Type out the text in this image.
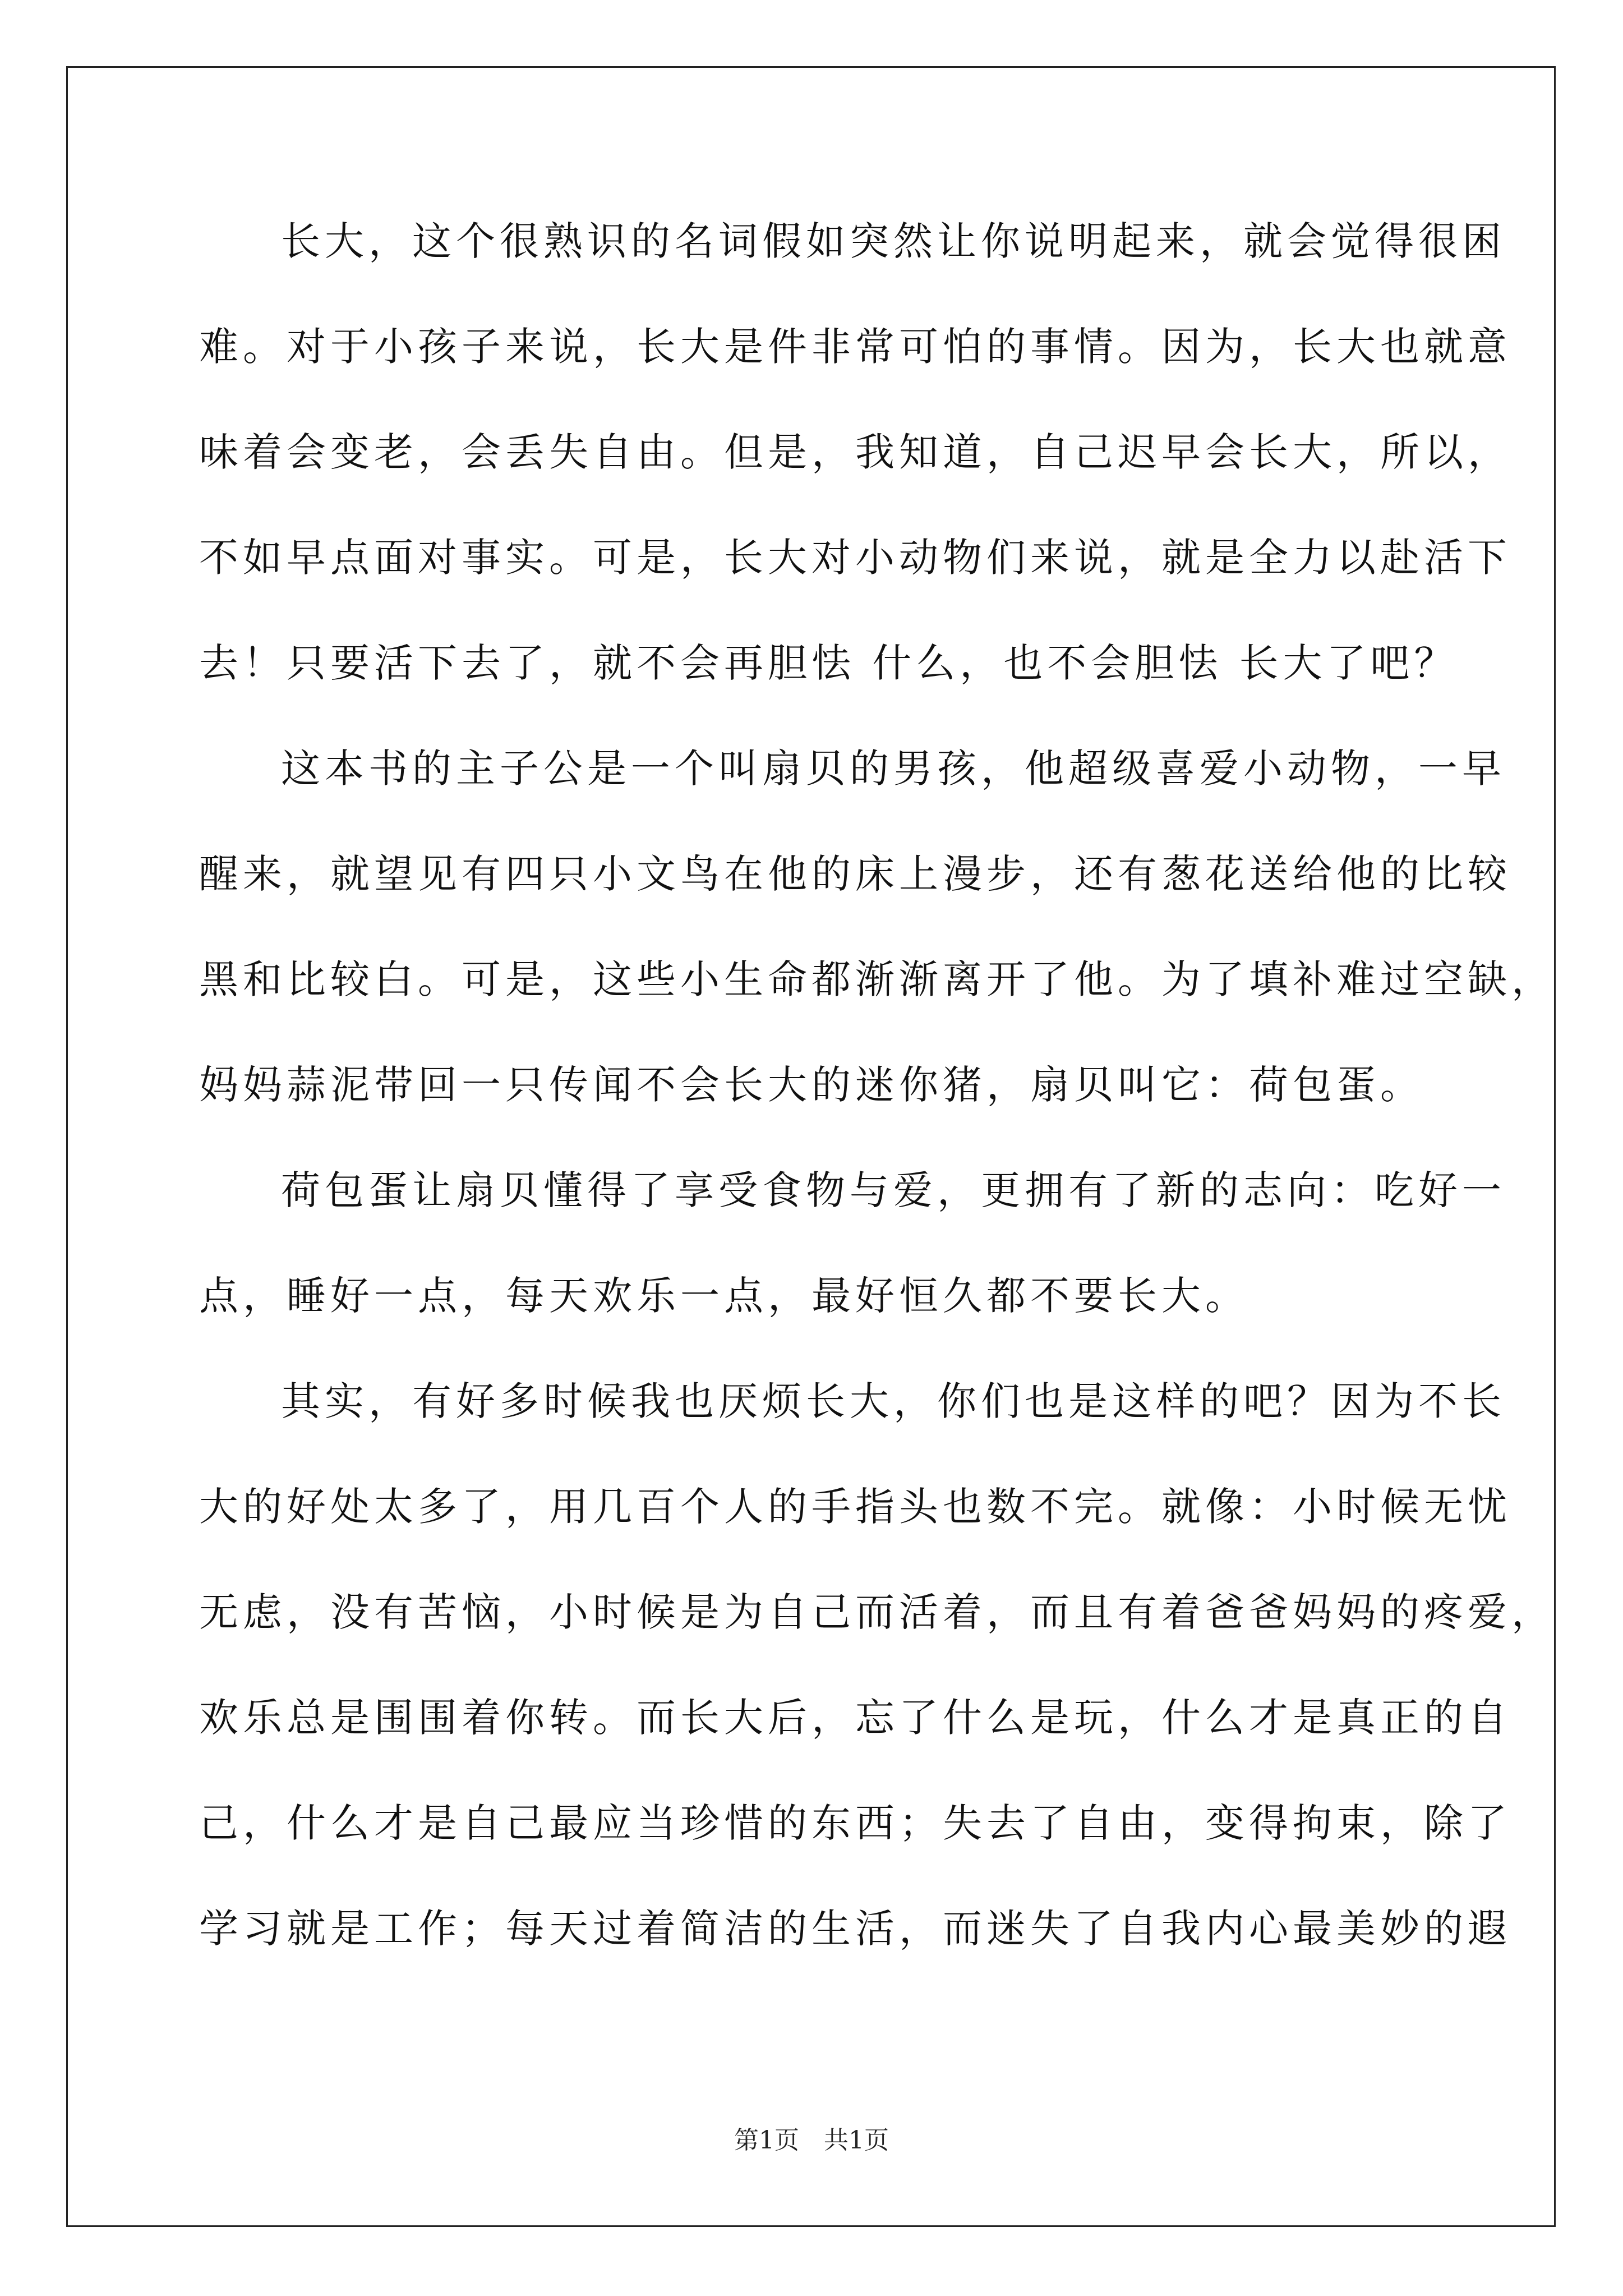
长大，这个很熟识的名词假如突然让你说明起来，就会觉得很困
难。对于小孩子来说，长大是件非常可怕的事情。因为，长大也就意
味着会变老，会丢失自由。但是，我知道，自己迟早会长大，所以，
不如早点面对事实。可是，长大对小动物们来说，就是全力以赴活下
去！只要活下去了，就不会再胆怯 什么，也不会胆怯 长大了吧？
这本书的主子公是一个叫扇贝的男孩，他超级喜爱小动物，一早
醒来，就望见有四只小文鸟在他的床上漫步，还有葱花送给他的比较
黑和比较白。可是，这些小生命都渐渐离开了他。为了填补难过空缺，
妈妈蒜泥带回一只传闻不会长大的迷你猪，扇贝叫它：荷包蛋。
荷包蛋让扇贝懂得了享受食物与爱，更拥有了新的志向：吃好一
点，睡好一点，每天欢乐一点，最好恒久都不要长大。
其实，有好多时候我也厌烦长大，你们也是这样的吧？因为不长
大的好处太多了，用几百个人的手指头也数不完。就像：小时候无忧
无虑，没有苦恼，小时候是为自己而活着，而且有着爸爸妈妈的疼爱，
欢乐总是围围着你转。而长大后，忘了什么是玩，什么才是真正的自
己，什么才是自己最应当珍惜的东西；失去了自由，变得拘束，除了
学习就是工作；每天过着简洁的生活，而迷失了自我内心最美妙的遐
第1页　共1页
